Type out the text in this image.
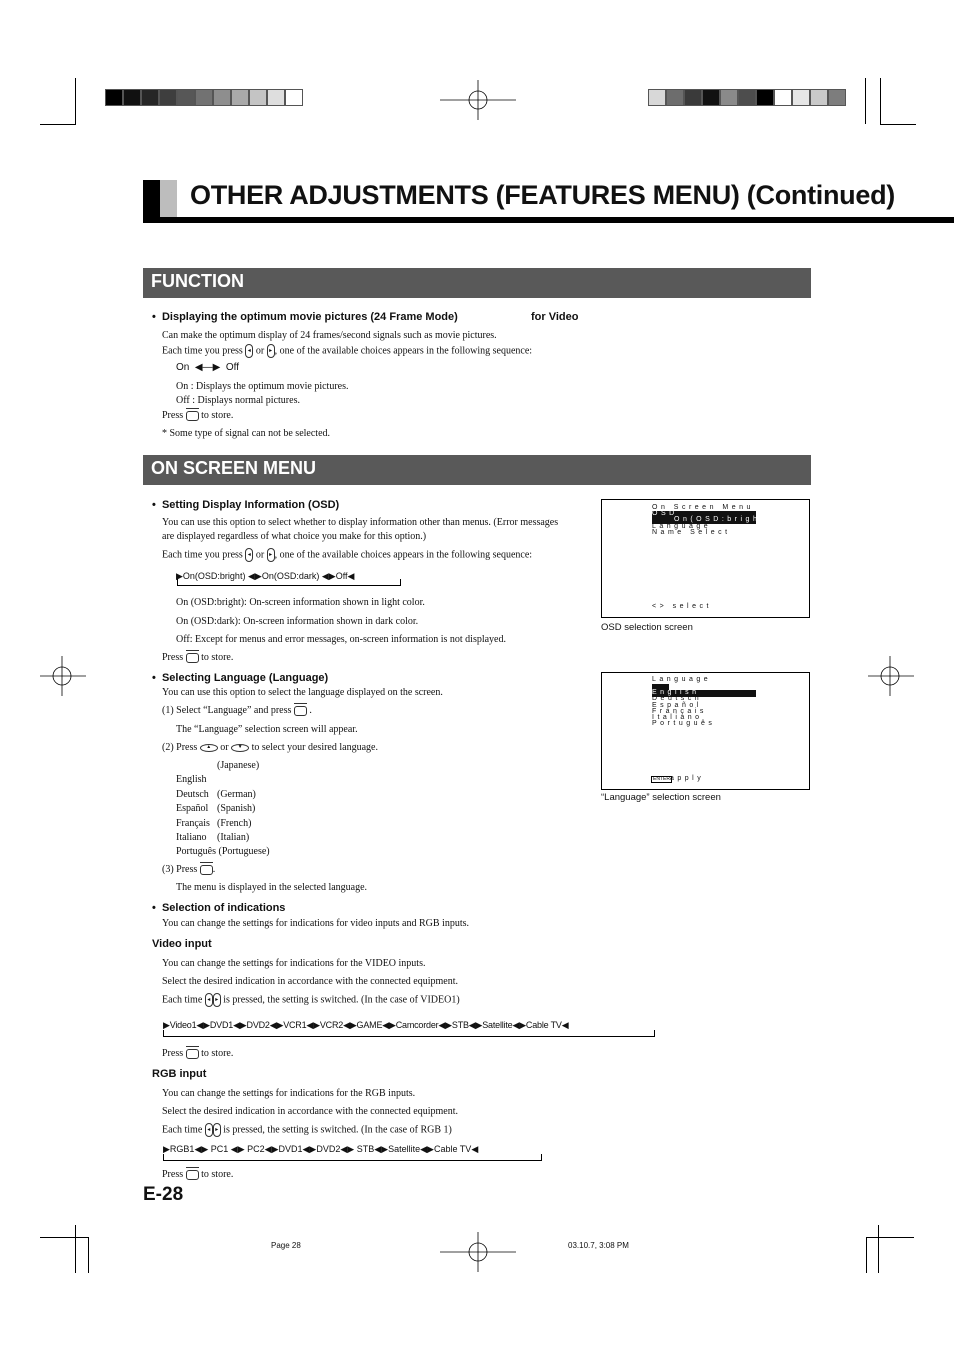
OTHER ADJUSTMENTS (FEATURES MENU) (Continued)
FUNCTION
•  Displaying the optimum movie pictures (24 Frame Mode)	for Video
Can make the optimum display of 24 frames/second signals such as movie pictures.
Each time you press ◂ or ▸ , one of the available choices appears in the following sequence:
On  ◀―▶  Off
On : Displays the optimum movie pictures.
Off : Displays normal pictures.
Press to store.
* Some type of signal can not be selected.
ON SCREEN MENU
•  Setting Display Information (OSD)
You can use this option to select whether to display information other than menus. (Error messages
are displayed regardless of what choice you make for this option.)
Each time you press ◂ or ▸ , one of the available choices appears in the following sequence:
▶On(OSD:bright) ◀▶On(OSD:dark) ◀▶Off◀
On (OSD:bright): On-screen information shown in light color.
On (OSD:dark): On-screen information shown in dark color.
Off: Except for menus and error messages, on-screen information is not displayed.
Press to store.
On Screen Menu
OSD
On(OSD:bright)
Language
Name Select
<> select
OSD selection screen
•  Selecting Language (Language)
You can use this option to select the language displayed on the screen.
(1) Select “Language” and press .
The “Language” selection screen will appear.
(2) Press ▲ or ▼ to select your desired language.
(Japanese)
English
Deutsch (German)
Español (Spanish)
Français (French)
Italiano (Italian)
Português (Portuguese)
(3) Press .
The menu is displayed in the selected language.
Language
English
Deutsch
Español
Français
Italiano
Português
ENTER apply
“Language” selection screen
•  Selection of indications
You can change the settings for indications for video inputs and RGB inputs.
Video input
You can change the settings for indications for the VIDEO inputs.
Select the desired indication in accordance with the connected equipment.
Each time ◂ ▸ is pressed, the setting is switched. (In the case of VIDEO1)
▶Video1◀▶DVD1◀▶DVD2◀▶VCR1◀▶VCR2◀▶GAME◀▶Camcorder◀▶STB◀▶Satellite◀▶Cable TV◀
Press to store.
RGB input
You can change the settings for indications for the RGB inputs.
Select the desired indication in accordance with the connected equipment.
Each time ◂ ▸ is pressed, the setting is switched. (In the case of RGB 1)
▶RGB1◀▶ PC1 ◀▶ PC2◀▶DVD1◀▶DVD2◀▶ STB◀▶Satellite◀▶Cable TV◀
Press to store.
E-28
Page 28	03.10.7, 3:08 PM
